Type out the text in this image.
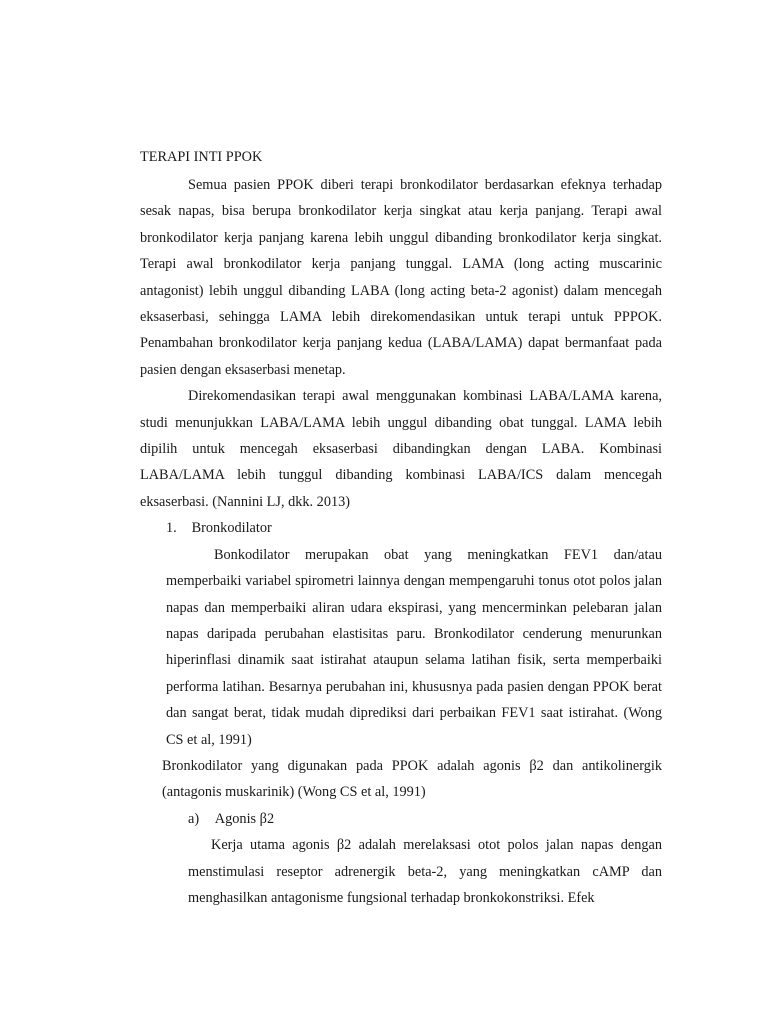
TERAPI INTI PPOK

Semua pasien PPOK diberi terapi bronkodilator berdasarkan efeknya terhadap sesak napas, bisa berupa bronkodilator kerja singkat atau kerja panjang. Terapi awal bronkodilator kerja panjang karena lebih unggul dibanding bronkodilator kerja singkat. Terapi awal bronkodilator kerja panjang tunggal. LAMA (long acting muscarinic antagonist) lebih unggul dibanding LABA (long acting beta-2 agonist) dalam mencegah eksaserbasi, sehingga LAMA lebih direkomendasikan untuk terapi untuk PPPOK. Penambahan bronkodilator kerja panjang kedua (LABA/LAMA) dapat bermanfaat pada pasien dengan eksaserbasi menetap.

Direkomendasikan terapi awal menggunakan kombinasi LABA/LAMA karena, studi menunjukkan LABA/LAMA lebih unggul dibanding obat tunggal. LAMA lebih dipilih untuk mencegah eksaserbasi dibandingkan dengan LABA. Kombinasi LABA/LAMA lebih tunggul dibanding kombinasi LABA/ICS dalam mencegah eksaserbasi. (Nannini LJ, dkk. 2013)

1. Bronkodilator

Bonkodilator merupakan obat yang meningkatkan FEV1 dan/atau memperbaiki variabel spirometri lainnya dengan mempengaruhi tonus otot polos jalan napas dan memperbaiki aliran udara ekspirasi, yang mencerminkan pelebaran jalan napas daripada perubahan elastisitas paru. Bronkodilator cenderung menurunkan hiperinflasi dinamik saat istirahat ataupun selama latihan fisik, serta memperbaiki performa latihan. Besarnya perubahan ini, khususnya pada pasien dengan PPOK berat dan sangat berat, tidak mudah diprediksi dari perbaikan FEV1 saat istirahat. (Wong CS et al, 1991)

Bronkodilator yang digunakan pada PPOK adalah agonis β2 dan antikolinergik (antagonis muskarinik) (Wong CS et al, 1991)

a) Agonis β2

Kerja utama agonis β2 adalah merelaksasi otot polos jalan napas dengan menstimulasi reseptor adrenergik beta-2, yang meningkatkan cAMP dan menghasilkan antagonisme fungsional terhadap bronkokonstriksi. Efek
